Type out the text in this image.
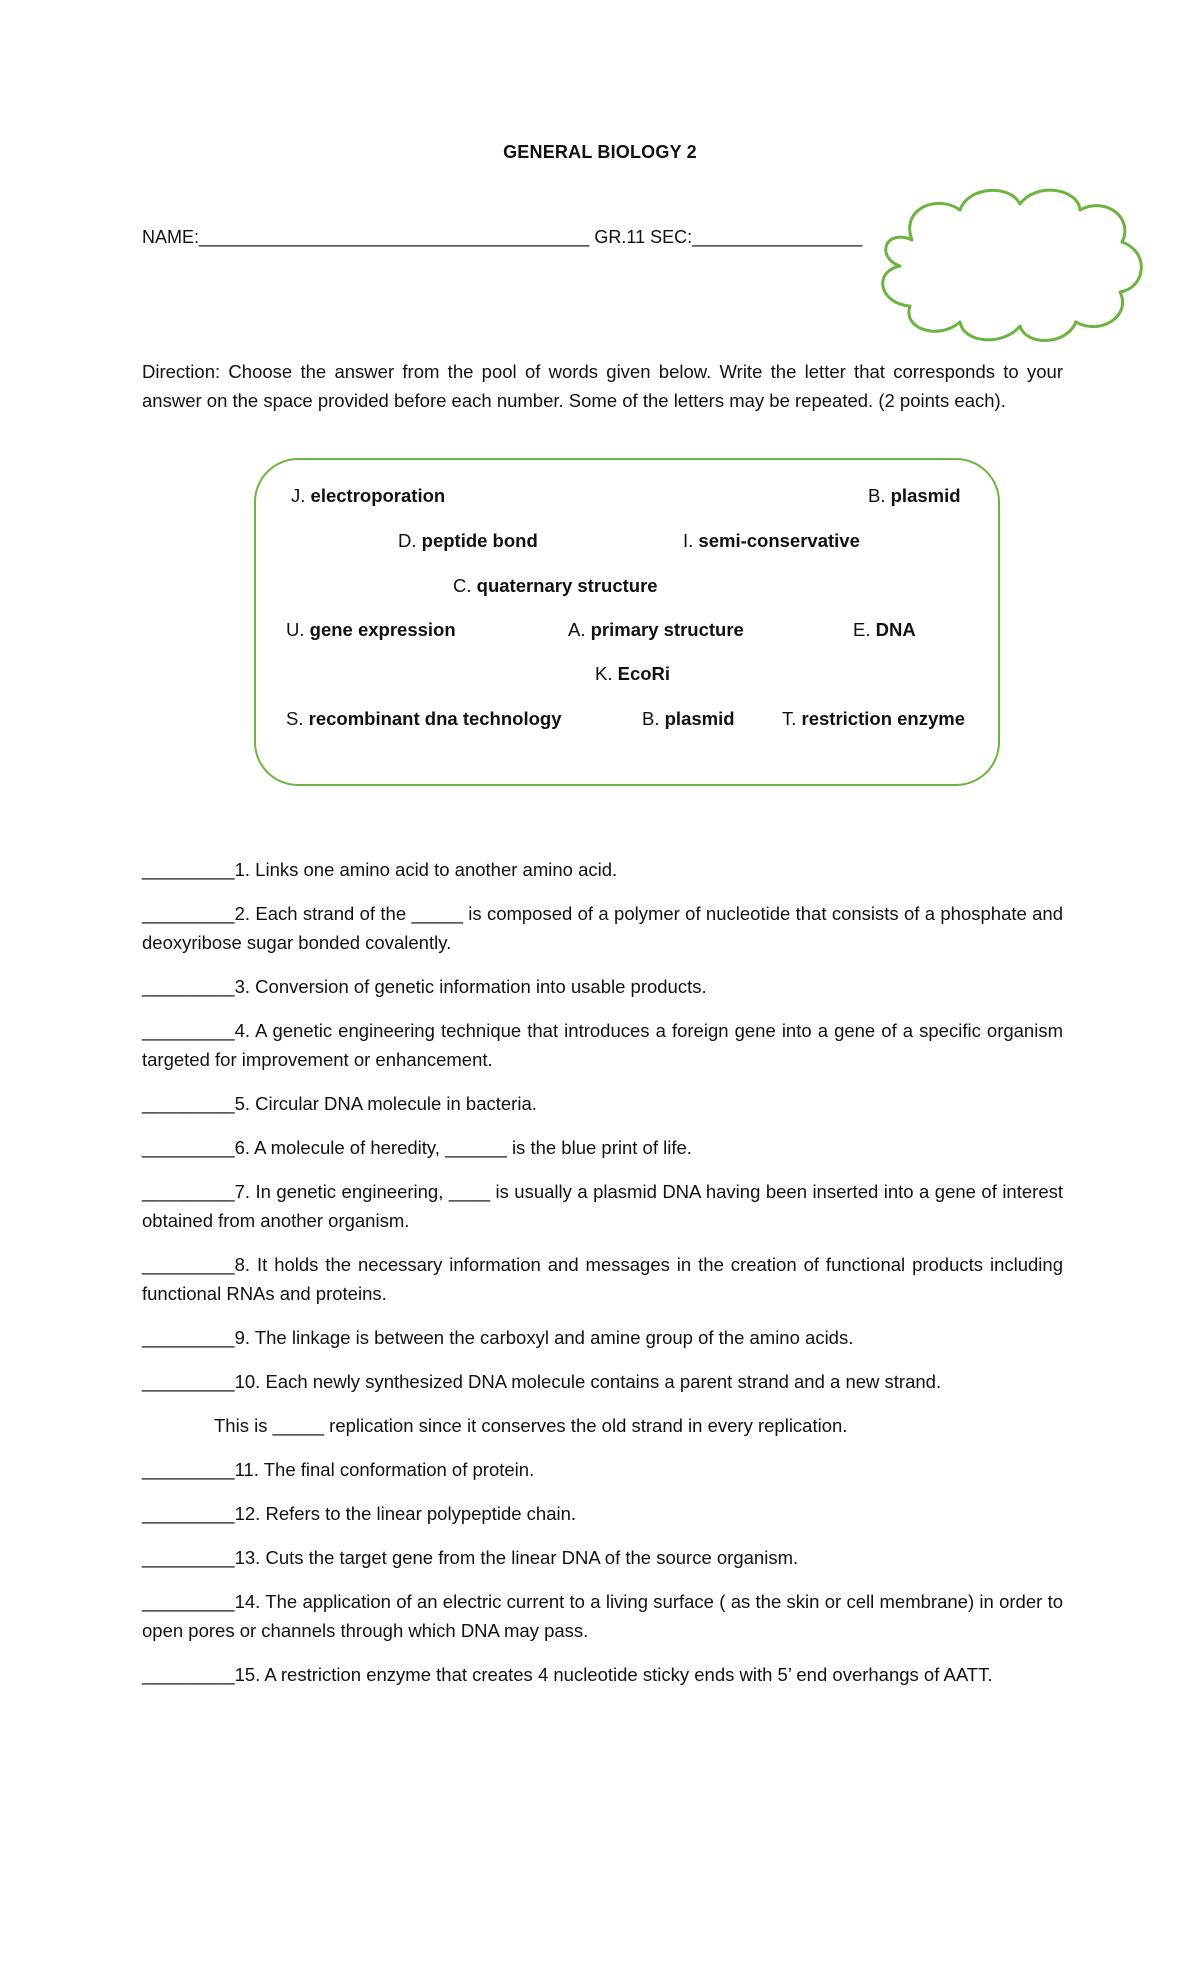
GENERAL BIOLOGY 2
NAME:_______________________________________ GR.11 SEC:_________________
Direction: Choose the answer from the pool of words given below. Write the letter that corresponds to your answer on the space provided before each number. Some of the letters may be repeated. (2 points each).
J. electroporation	B. plasmid
D. peptide bond	I. semi-conservative
C. quaternary structure
U. gene expression	A. primary structure	E. DNA
K. EcoRi
S. recombinant dna technology	B. plasmid	T. restriction enzyme

_________1. Links one amino acid to another amino acid.

_________2. Each strand of the _____ is composed of a polymer of nucleotide that consists of a phosphate and deoxyribose sugar bonded covalently.

_________3. Conversion of genetic information into usable products.

_________4. A genetic engineering technique that introduces a foreign gene into a gene of a specific organism targeted for improvement or enhancement.

_________5. Circular DNA molecule in bacteria.

_________6. A molecule of heredity, ______ is the blue print of life.

_________7. In genetic engineering, ____ is usually a plasmid DNA having been inserted into a gene of interest obtained from another organism.

_________8. It holds the necessary information and messages in the creation of functional products including functional RNAs and proteins.

_________9. The linkage is between the carboxyl and amine group of the amino acids.

_________10. Each newly synthesized DNA molecule contains a parent strand and a new strand.

This is _____ replication since it conserves the old strand in every replication.

_________11. The final conformation of protein.

_________12. Refers to the linear polypeptide chain.

_________13. Cuts the target gene from the linear DNA of the source organism.

_________14. The application of an electric current to a living surface ( as the skin or cell membrane) in order to open pores or channels through which DNA may pass.

_________15. A restriction enzyme that creates 4 nucleotide sticky ends with 5’ end overhangs of AATT.
